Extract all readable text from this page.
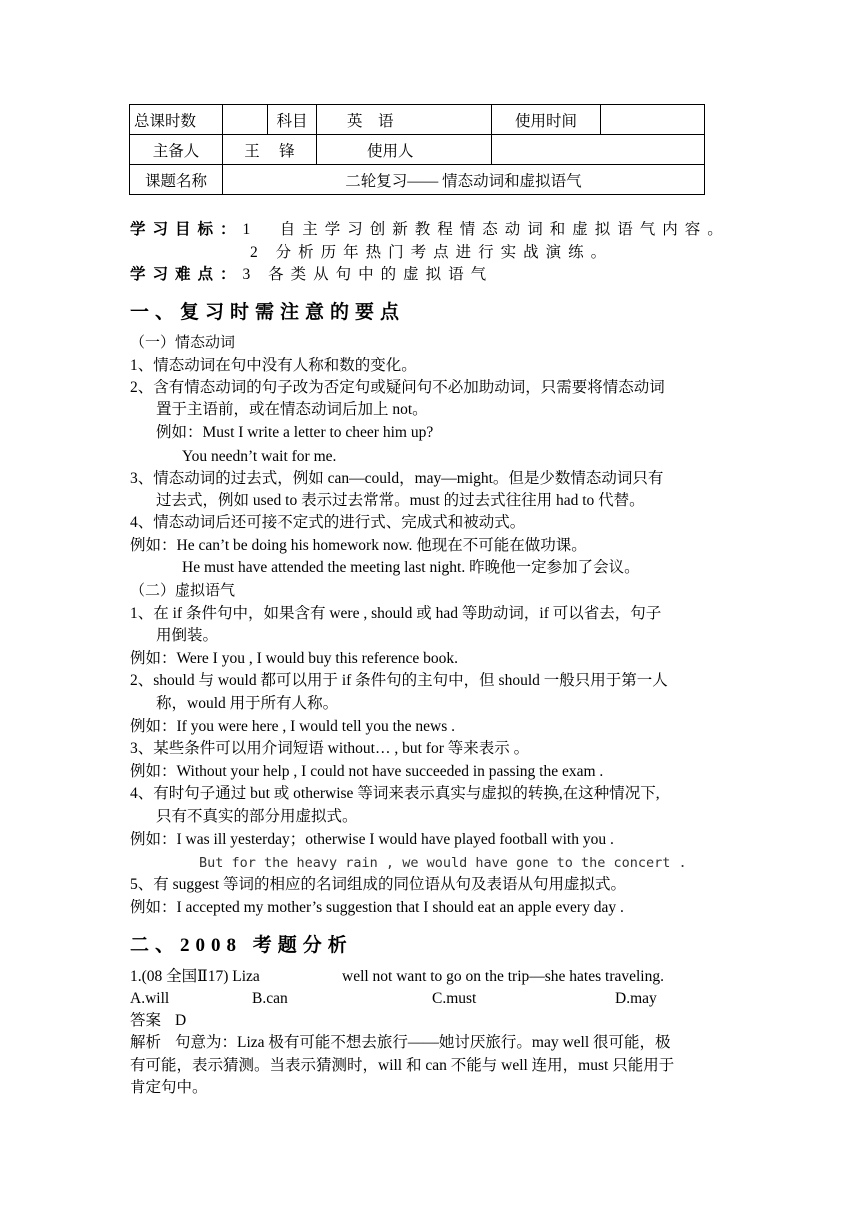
总课时数		科目	英　语	使用时间	
主备人	王　 锋		使用人		
课题名称	二轮复习—— 情态动词和虚拟语气				
学习目标：1　自主学习创新教程情态动词和虚拟语气内容。
2 分析历年热门考点进行实战演练。
学习难点：3 各类从句中的虚拟语气
一、复习时需注意的要点
（一）情态动词
1、情态动词在句中没有人称和数的变化。
2、含有情态动词的句子改为否定句或疑问句不必加助动词，只需要将情态动词
置于主语前，或在情态动词后加上 not。
例如：Must I write a letter to cheer him up?
You needn’t wait for me.
3、情态动词的过去式，例如 can—could，may—might。但是少数情态动词只有
过去式，例如 used to 表示过去常常。must 的过去式往往用 had to 代替。
4、情态动词后还可接不定式的进行式、完成式和被动式。
例如：He can’t be doing his homework now. 他现在不可能在做功课。
He must have attended the meeting last night. 昨晚他一定参加了会议。
（二）虚拟语气
1、在 if 条件句中，如果含有 were , should 或 had 等助动词，if 可以省去，句子
用倒装。
例如：Were I you , I would buy this reference book.
2、should 与 would 都可以用于 if 条件句的主句中，但 should 一般只用于第一人
称，would 用于所有人称。
例如：If you were here , I would tell you the news .
3、某些条件可以用介词短语 without… , but for 等来表示 。
例如：Without your help , I could not have succeeded in passing the exam .
4、有时句子通过 but 或 otherwise 等词来表示真实与虚拟的转换,在这种情况下,
只有不真实的部分用虚拟式。
例如：I was ill yesterday；otherwise I would have played football with you .
But for the heavy rain , we would have gone to the concert .
5、有 suggest 等词的相应的名词组成的同位语从句及表语从句用虚拟式。
例如：I accepted my mother’s suggestion that I should eat an apple every day .
二、2008 考题分析
1.(08 全国Ⅱ17) Liza	well not want to go on the trip—she hates traveling.
A.will	B.can	C.must	D.may
答案 D
解析 句意为：Liza 极有可能不想去旅行——她讨厌旅行。may well 很可能，极
有可能，表示猜测。当表示猜测时，will 和 can 不能与 well 连用，must 只能用于
肯定句中。
